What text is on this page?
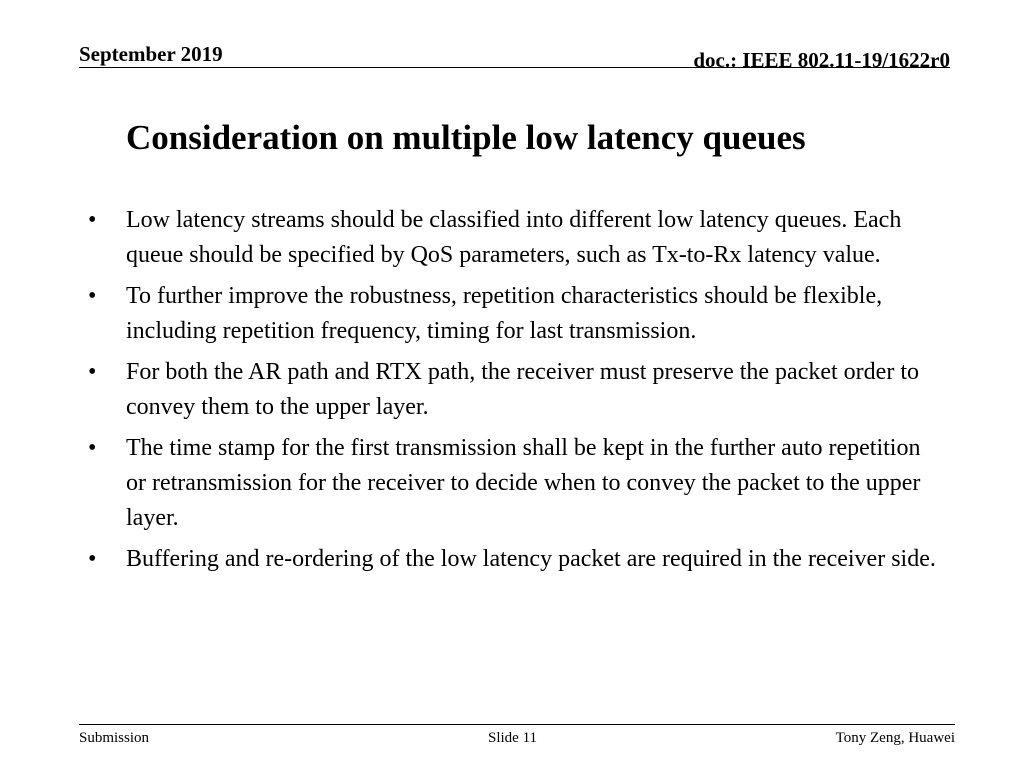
September 2019	doc.: IEEE 802.11-19/1622r0
Consideration on multiple low latency queues
• Low latency streams should be classified into different low latency queues. Each queue should be specified by QoS parameters, such as Tx-to-Rx latency value.
• To further improve the robustness, repetition characteristics should be flexible, including repetition frequency, timing for last transmission.
• For both the AR path and RTX path, the receiver must preserve the packet order to convey them to the upper layer.
• The time stamp for the first transmission shall be kept in the further auto repetition or retransmission for the receiver to decide when to convey the packet to the upper layer.
• Buffering and re-ordering of the low latency packet are required in the receiver side.
Submission	Slide 11	Tony Zeng, Huawei
